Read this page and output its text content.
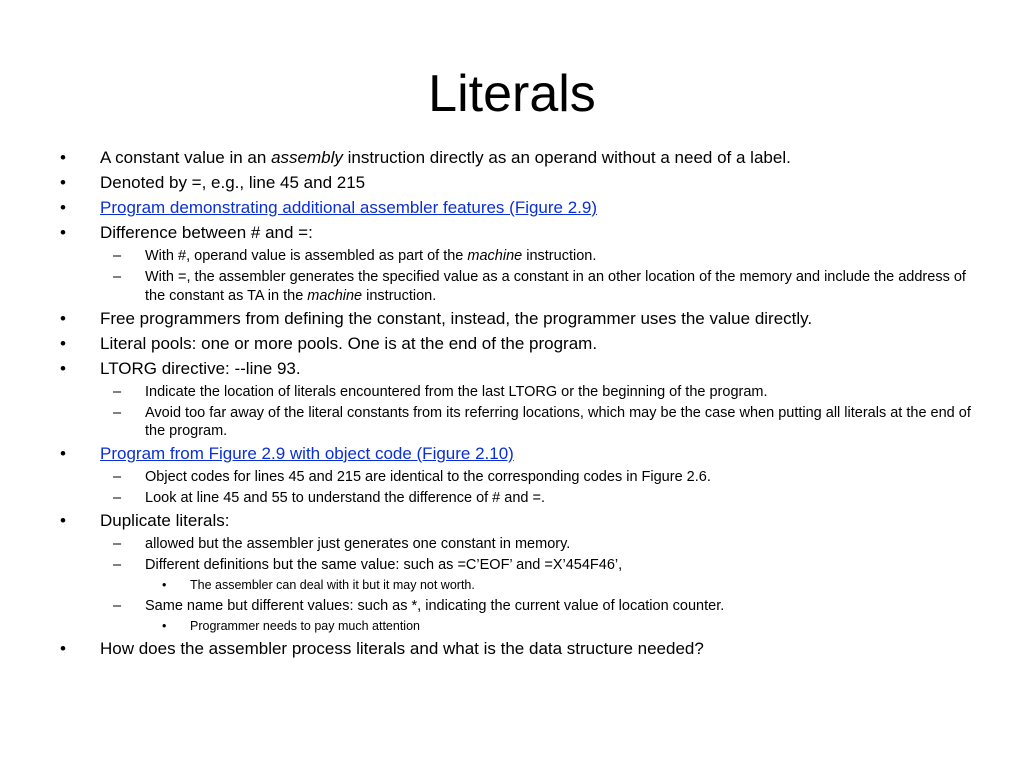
Literals
• A constant value in an assembly instruction directly as an operand without a need of a label.
• Denoted by =, e.g., line 45 and 215
• Program demonstrating additional assembler features (Figure 2.9)
• Difference between # and =:
– With #, operand value is assembled as part of the machine instruction.
– With =, the assembler generates the specified value as a constant in an other location of the memory and include the address of the constant as TA in the machine instruction.
• Free programmers from defining the constant, instead, the programmer uses the value directly.
• Literal pools: one or more pools. One is at the end of the program.
• LTORG directive: --line 93.
– Indicate the location of literals encountered from the last LTORG or the beginning of the program.
– Avoid too far away of the literal constants from its referring locations, which may be the case when putting all literals at the end of the program.
• Program from Figure 2.9 with object code (Figure 2.10)
– Object codes for lines 45 and 215 are identical to the corresponding codes in Figure 2.6.
– Look at line 45 and 55 to understand the difference of # and =.
• Duplicate literals:
– allowed but the assembler just generates one constant in memory.
– Different definitions but the same value: such as =C’EOF’ and =X’454F46’,
• The assembler can deal with it but it may not worth.
– Same name but different values: such as *, indicating the current value of location counter.
• Programmer needs to pay much attention
• How does the assembler process literals and what is the data structure needed?
